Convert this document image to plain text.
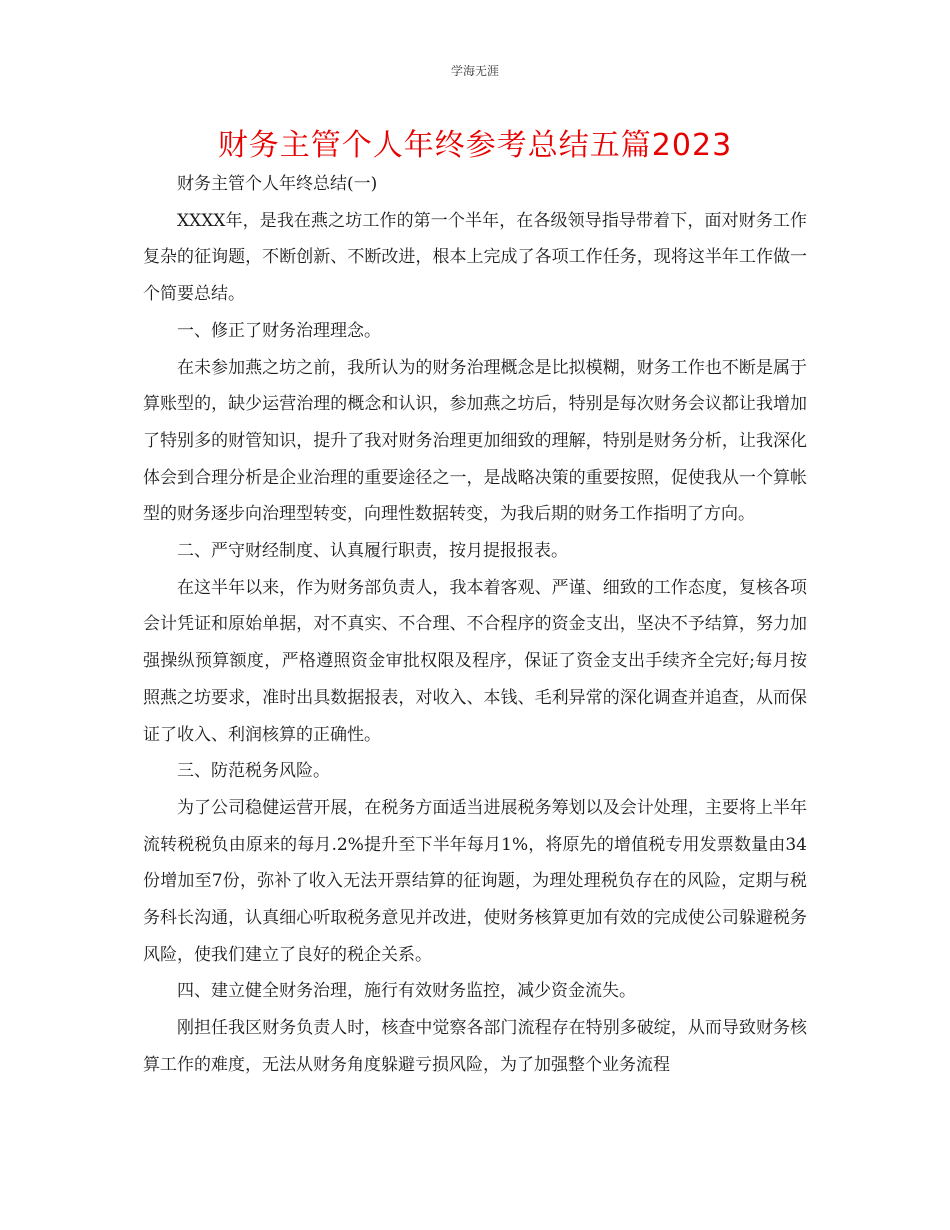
学海无涯
财务主管个人年终参考总结五篇2023

财务主管个人年终总结(一)

XXXX年，是我在燕之坊工作的第一个半年，在各级领导指导带着下，面对财务工作复杂的征询题，不断创新、不断改进，根本上完成了各项工作任务，现将这半年工作做一个简要总结。

一、修正了财务治理理念。

在未参加燕之坊之前，我所认为的财务治理概念是比拟模糊，财务工作也不断是属于算账型的，缺少运营治理的概念和认识，参加燕之坊后，特别是每次财务会议都让我增加了特别多的财管知识，提升了我对财务治理更加细致的理解，特别是财务分析，让我深化体会到合理分析是企业治理的重要途径之一，是战略决策的重要按照，促使我从一个算帐型的财务逐步向治理型转变，向理性数据转变，为我后期的财务工作指明了方向。

二、严守财经制度、认真履行职责，按月提报报表。

在这半年以来，作为财务部负责人，我本着客观、严谨、细致的工作态度，复核各项会计凭证和原始单据，对不真实、不合理、不合程序的资金支出，坚决不予结算，努力加强操纵预算额度，严格遵照资金审批权限及程序，保证了资金支出手续齐全完好;每月按照燕之坊要求，准时出具数据报表，对收入、本钱、毛利异常的深化调查并追查，从而保证了收入、利润核算的正确性。

三、防范税务风险。

为了公司稳健运营开展，在税务方面适当进展税务筹划以及会计处理，主要将上半年流转税税负由原来的每月.2%提升至下半年每月1%，将原先的增值税专用发票数量由34份增加至7份，弥补了收入无法开票结算的征询题，为理处理税负存在的风险，定期与税务科长沟通，认真细心听取税务意见并改进，使财务核算更加有效的完成使公司躲避税务风险，使我们建立了良好的税企关系。

四、建立健全财务治理，施行有效财务监控，减少资金流失。

刚担任我区财务负责人时，核查中觉察各部门流程存在特别多破绽，从而导致财务核算工作的难度，无法从财务角度躲避亏损风险，为了加强整个业务流程
